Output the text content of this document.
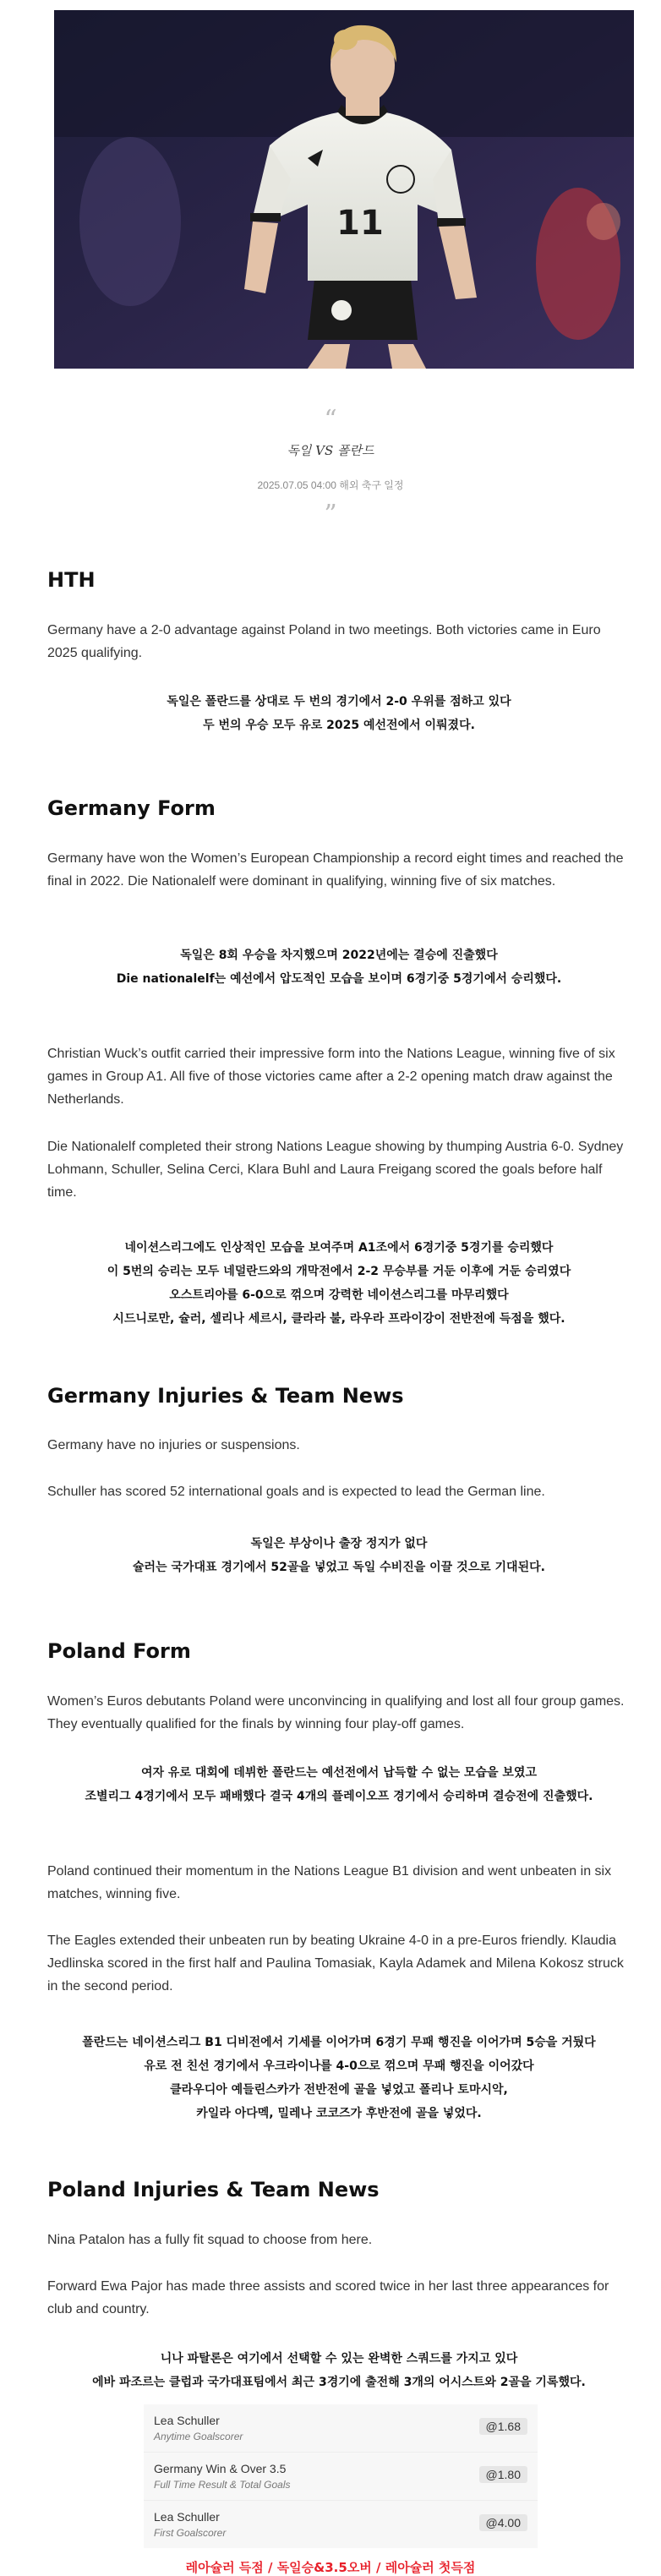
11
“
독일 VS 폴란드
2025.07.05 04:00 해외 축구 일정
”
HTH

Germany have a 2-0 advantage against Poland in two meetings. Both victories came in Euro 2025 qualifying.

독일은 폴란드를 상대로 두 번의 경기에서 2-0 우위를 점하고 있다
두 번의 우승 모두 유로 2025 예선전에서 이뤄졌다.
Germany Form

Germany have won the Women’s European Championship a record eight times and reached the final in 2022. Die Nationalelf were dominant in qualifying, winning five of six matches.

독일은 8회 우승을 차지했으며 2022년에는 결승에 진출했다
Die nationalelf는 예선에서 압도적인 모습을 보이며 6경기중 5경기에서 승리했다.

Christian Wuck’s outfit carried their impressive form into the Nations League, winning five of six games in Group A1. All five of those victories came after a 2-2 opening match draw against the Netherlands.

Die Nationalelf completed their strong Nations League showing by thumping Austria 6-0. Sydney Lohmann, Schuller, Selina Cerci, Klara Buhl and Laura Freigang scored the goals before half time.

네이션스리그에도 인상적인 모습을 보여주며 A1조에서 6경기중 5경기를 승리했다
이 5번의 승리는 모두 네덜란드와의 개막전에서 2-2 무승부를 거둔 이후에 거둔 승리였다
오스트리아를 6-0으로 꺾으며 강력한 네이션스리그를 마무리했다
시드니로만, 슐러, 셀리나 세르시, 클라라 불, 라우라 프라이강이 전반전에 득점을 했다.
Germany Injuries & Team News

Germany have no injuries or suspensions.

Schuller has scored 52 international goals and is expected to lead the German line.

독일은 부상이나 출장 정지가 없다
슐러는 국가대표 경기에서 52골을 넣었고 독일 수비진을 이끌 것으로 기대된다.
Poland Form

Women’s Euros debutants Poland were unconvincing in qualifying and lost all four group games. They eventually qualified for the finals by winning four play-off games.

여자 유로 대회에 데뷔한 폴란드는 예선전에서 납득할 수 없는 모습을 보였고
조별리그 4경기에서 모두 패배했다 결국 4개의 플레이오프 경기에서 승리하며 결승전에 진출했다.

Poland continued their momentum in the Nations League B1 division and went unbeaten in six matches, winning five.

The Eagles extended their unbeaten run by beating Ukraine 4-0 in a pre-Euros friendly. Klaudia Jedlinska scored in the first half and Paulina Tomasiak, Kayla Adamek and Milena Kokosz struck in the second period.

폴란드는 네이션스리그 B1 디비전에서 기세를 이어가며 6경기 무패 행진을 이어가며 5승을 거뒀다
유로 전 친선 경기에서 우크라이나를 4-0으로 꺾으며 무패 행진을 이어갔다
클라우디아 예들린스카가 전반전에 골을 넣었고 폴리나 토마시악,
카일라 아다멕, 밀레나 코코즈가 후반전에 골을 넣었다.
Poland Injuries & Team News

Nina Patalon has a fully fit squad to choose from here.

Forward Ewa Pajor has made three assists and scored twice in her last three appearances for club and country.

니나 파탈론은 여기에서 선택할 수 있는 완벽한 스쿼드를 가지고 있다
에바 파조르는 클럽과 국가대표팀에서 최근 3경기에 출전해 3개의 어시스트와 2골을 기록했다.
Lea Schuller
Anytime Goalscorer
@1.68
Germany Win & Over 3.5
Full Time Result & Total Goals
@1.80
Lea Schuller
First Goalscorer
@4.00
레아슐러 득점 / 독일승&3.5오버 / 레아슐러 첫득점
